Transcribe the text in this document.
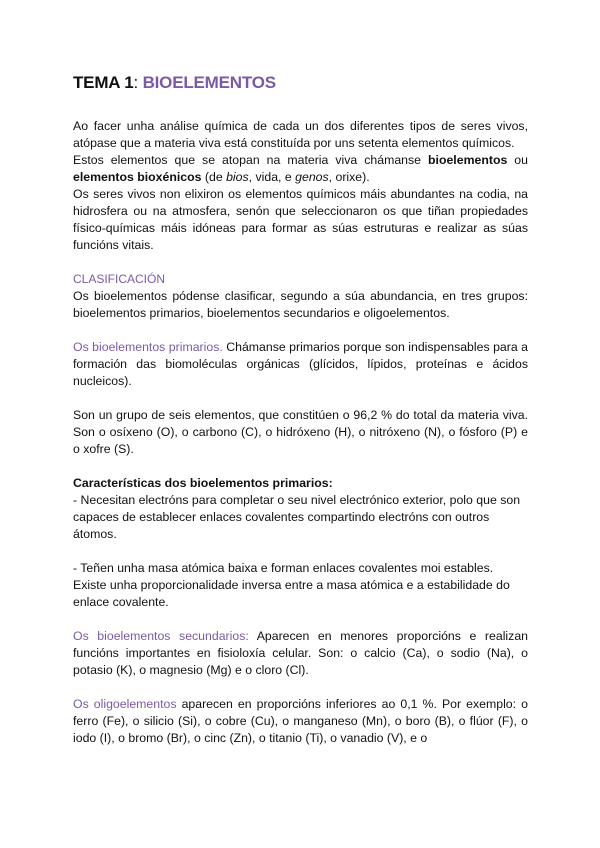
TEMA 1: BIOELEMENTOS

Ao facer unha análise química de cada un dos diferentes tipos de seres vivos, atópase que a materia viva está constituída por uns setenta elementos químicos.

Estos elementos que se atopan na materia viva chámanse bioelementos ou elementos bioxénicos (de bios, vida, e genos, orixe).

Os seres vivos non elixiron os elementos químicos máis abundantes na codia, na hidrosfera ou na atmosfera, senón que seleccionaron os que tiñan propiedades físico-químicas máis idóneas para formar as súas estruturas e realizar as súas funcións vitais.

CLASIFICACIÓN

Os bioelementos pódense clasificar, segundo a súa abundancia, en tres grupos: bioelementos primarios, bioelementos secundarios e oligoelementos.

Os bioelementos primarios. Chámanse primarios porque son indispensables para a formación das biomoléculas orgánicas (glícidos, lípidos, proteínas e ácidos nucleicos).

Son un grupo de seis elementos, que constitúen o 96,2 % do total da materia viva. Son o osíxeno (O), o carbono (C), o hidróxeno (H), o nitróxeno (N), o fósforo (P) e o xofre (S).

Características dos bioelementos primarios:

- Necesitan electróns para completar o seu nivel electrónico exterior, polo que son capaces de establecer enlaces covalentes compartindo electróns con outros átomos.

- Teñen unha masa atómica baixa e forman enlaces covalentes moi estables. Existe unha proporcionalidade inversa entre a masa atómica e a estabilidade do enlace covalente.

Os bioelementos secundarios: Aparecen en menores proporcións e realizan funcións importantes en fisioloxía celular. Son: o calcio (Ca), o sodio (Na), o potasio (K), o magnesio (Mg) e o cloro (Cl).

Os oligoelementos aparecen en proporcións inferiores ao 0,1 %. Por exemplo: o ferro (Fe), o silicio (Si), o cobre (Cu), o manganeso (Mn), o boro (B), o flúor (F), o iodo (I), o bromo (Br), o cinc (Zn), o titanio (Ti), o vanadio (V), e o
